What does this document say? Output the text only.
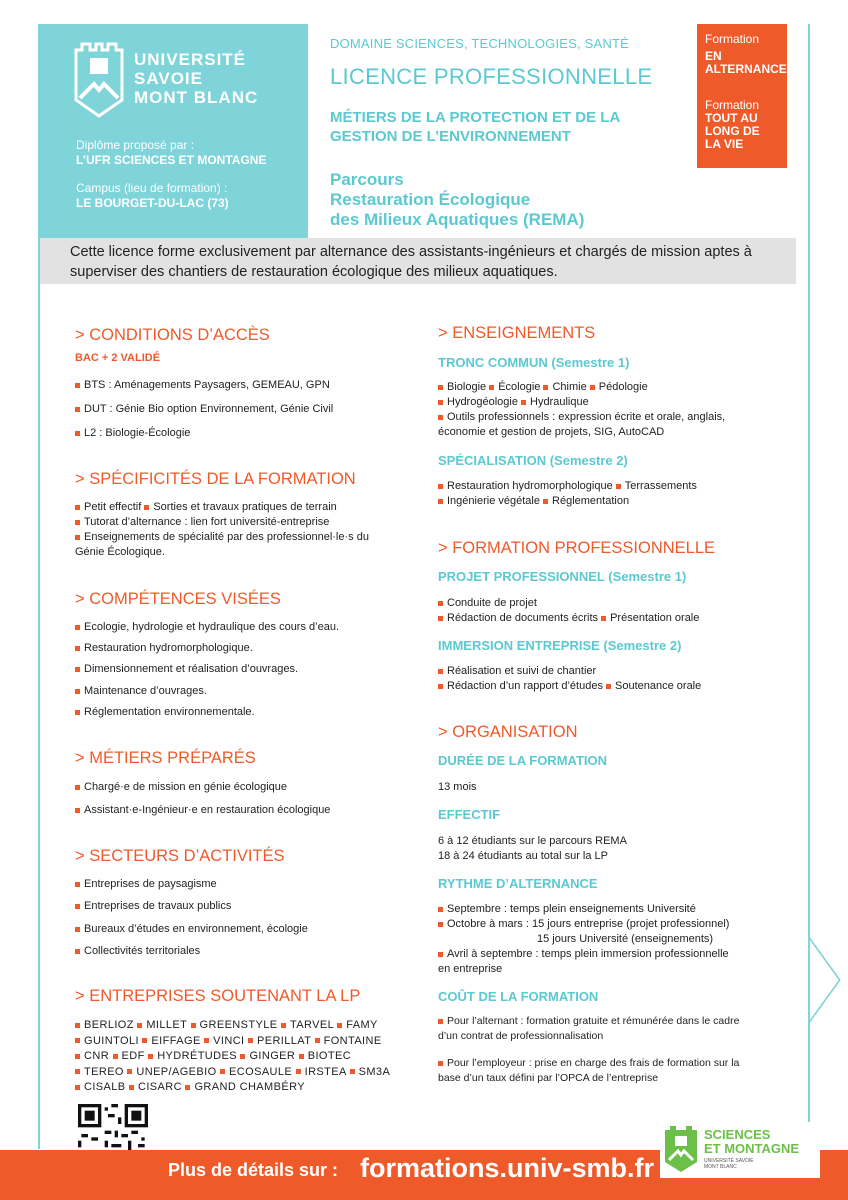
UNIVERSITÉ
SAVOIE
MONT BLANC
Diplôme proposé par :
L’UFR SCIENCES ET MONTAGNE
Campus (lieu de formation) :
LE BOURGET-DU-LAC (73)
DOMAINE SCIENCES, TECHNOLOGIES, SANTÉ
LICENCE PROFESSIONNELLE
MÉTIERS DE LA PROTECTION ET DE LA GESTION DE L’ENVIRONNEMENT
Parcours
Restauration Écologique
des Milieux Aquatiques (REMA)
Formation
EN
ALTERNANCE
Formation
TOUT AU
LONG DE
LA VIE
Cette licence forme exclusivement par alternance des assistants-ingénieurs et chargés de mission aptes à superviser des chantiers de restauration écologique des milieux aquatiques.
> CONDITIONS D’ACCÈS
BAC + 2 VALIDÉ
BTS : Aménagements Paysagers, GEMEAU, GPN
DUT : Génie Bio option Environnement, Génie Civil
L2 : Biologie-Écologie
> SPÉCIFICITÉS DE LA FORMATION
Petit effectif Sorties et travaux pratiques de terrain
Tutorat d’alternance : lien fort université-entreprise
Enseignements de spécialité par des professionnel·le·s du
Génie Écologique.
> COMPÉTENCES VISÉES
Ecologie, hydrologie et hydraulique des cours d’eau.
Restauration hydromorphologique.
Dimensionnement et réalisation d’ouvrages.
Maintenance d’ouvrages.
Réglementation environnementale.
> MÉTIERS PRÉPARÉS
Chargé·e de mission en génie écologique
Assistant·e-Ingénieur·e en restauration écologique
> SECTEURS D’ACTIVITÉS
Entreprises de paysagisme
Entreprises de travaux publics
Bureaux d’études en environnement, écologie
Collectivités territoriales
> ENTREPRISES SOUTENANT LA LP
BERLIOZ MILLET GREENSTYLE TARVEL FAMY
GUINTOLI EIFFAGE VINCI PERILLAT FONTAINE
CNR EDF HYDRÉTUDES GINGER BIOTEC
TEREO UNEP/AGEBIO ECOSAULE IRSTEA SM3A
CISALB CISARC GRAND CHAMBÉRY
> ENSEIGNEMENTS
TRONC COMMUN (Semestre 1)
Biologie Écologie Chimie Pédologie
Hydrogéologie Hydraulique
Outils professionnels : expression écrite et orale, anglais,
économie et gestion de projets, SIG, AutoCAD
SPÉCIALISATION (Semestre 2)
Restauration hydromorphologique Terrassements
Ingénierie végétale Réglementation
> FORMATION PROFESSIONNELLE
PROJET PROFESSIONNEL (Semestre 1)
Conduite de projet
Rédaction de documents écrits Présentation orale
IMMERSION ENTREPRISE (Semestre 2)
Réalisation et suivi de chantier
Rédaction d’un rapport d’études Soutenance orale
> ORGANISATION
DURÉE DE LA FORMATION
13 mois
EFFECTIF
6 à 12 étudiants sur le parcours REMA
18 à 24 étudiants au total sur la LP
RYTHME D’ALTERNANCE
Septembre : temps plein enseignements Université
Octobre à mars : 15 jours entreprise (projet professionnel)
15 jours Université (enseignements)
Avril à septembre : temps plein immersion professionnelle
en entreprise
COÛT DE LA FORMATION
Pour l’alternant : formation gratuite et rémunérée dans le cadre
d’un contrat de professionnalisation
Pour l’employeur : prise en charge des frais de formation sur la
base d’un taux défini par l’OPCA de l’entreprise
Plus de détails sur : formations.univ-smb.fr
SCIENCES
ET MONTAGNE
UNIVERSITÉ SAVOIE
MONT BLANC
